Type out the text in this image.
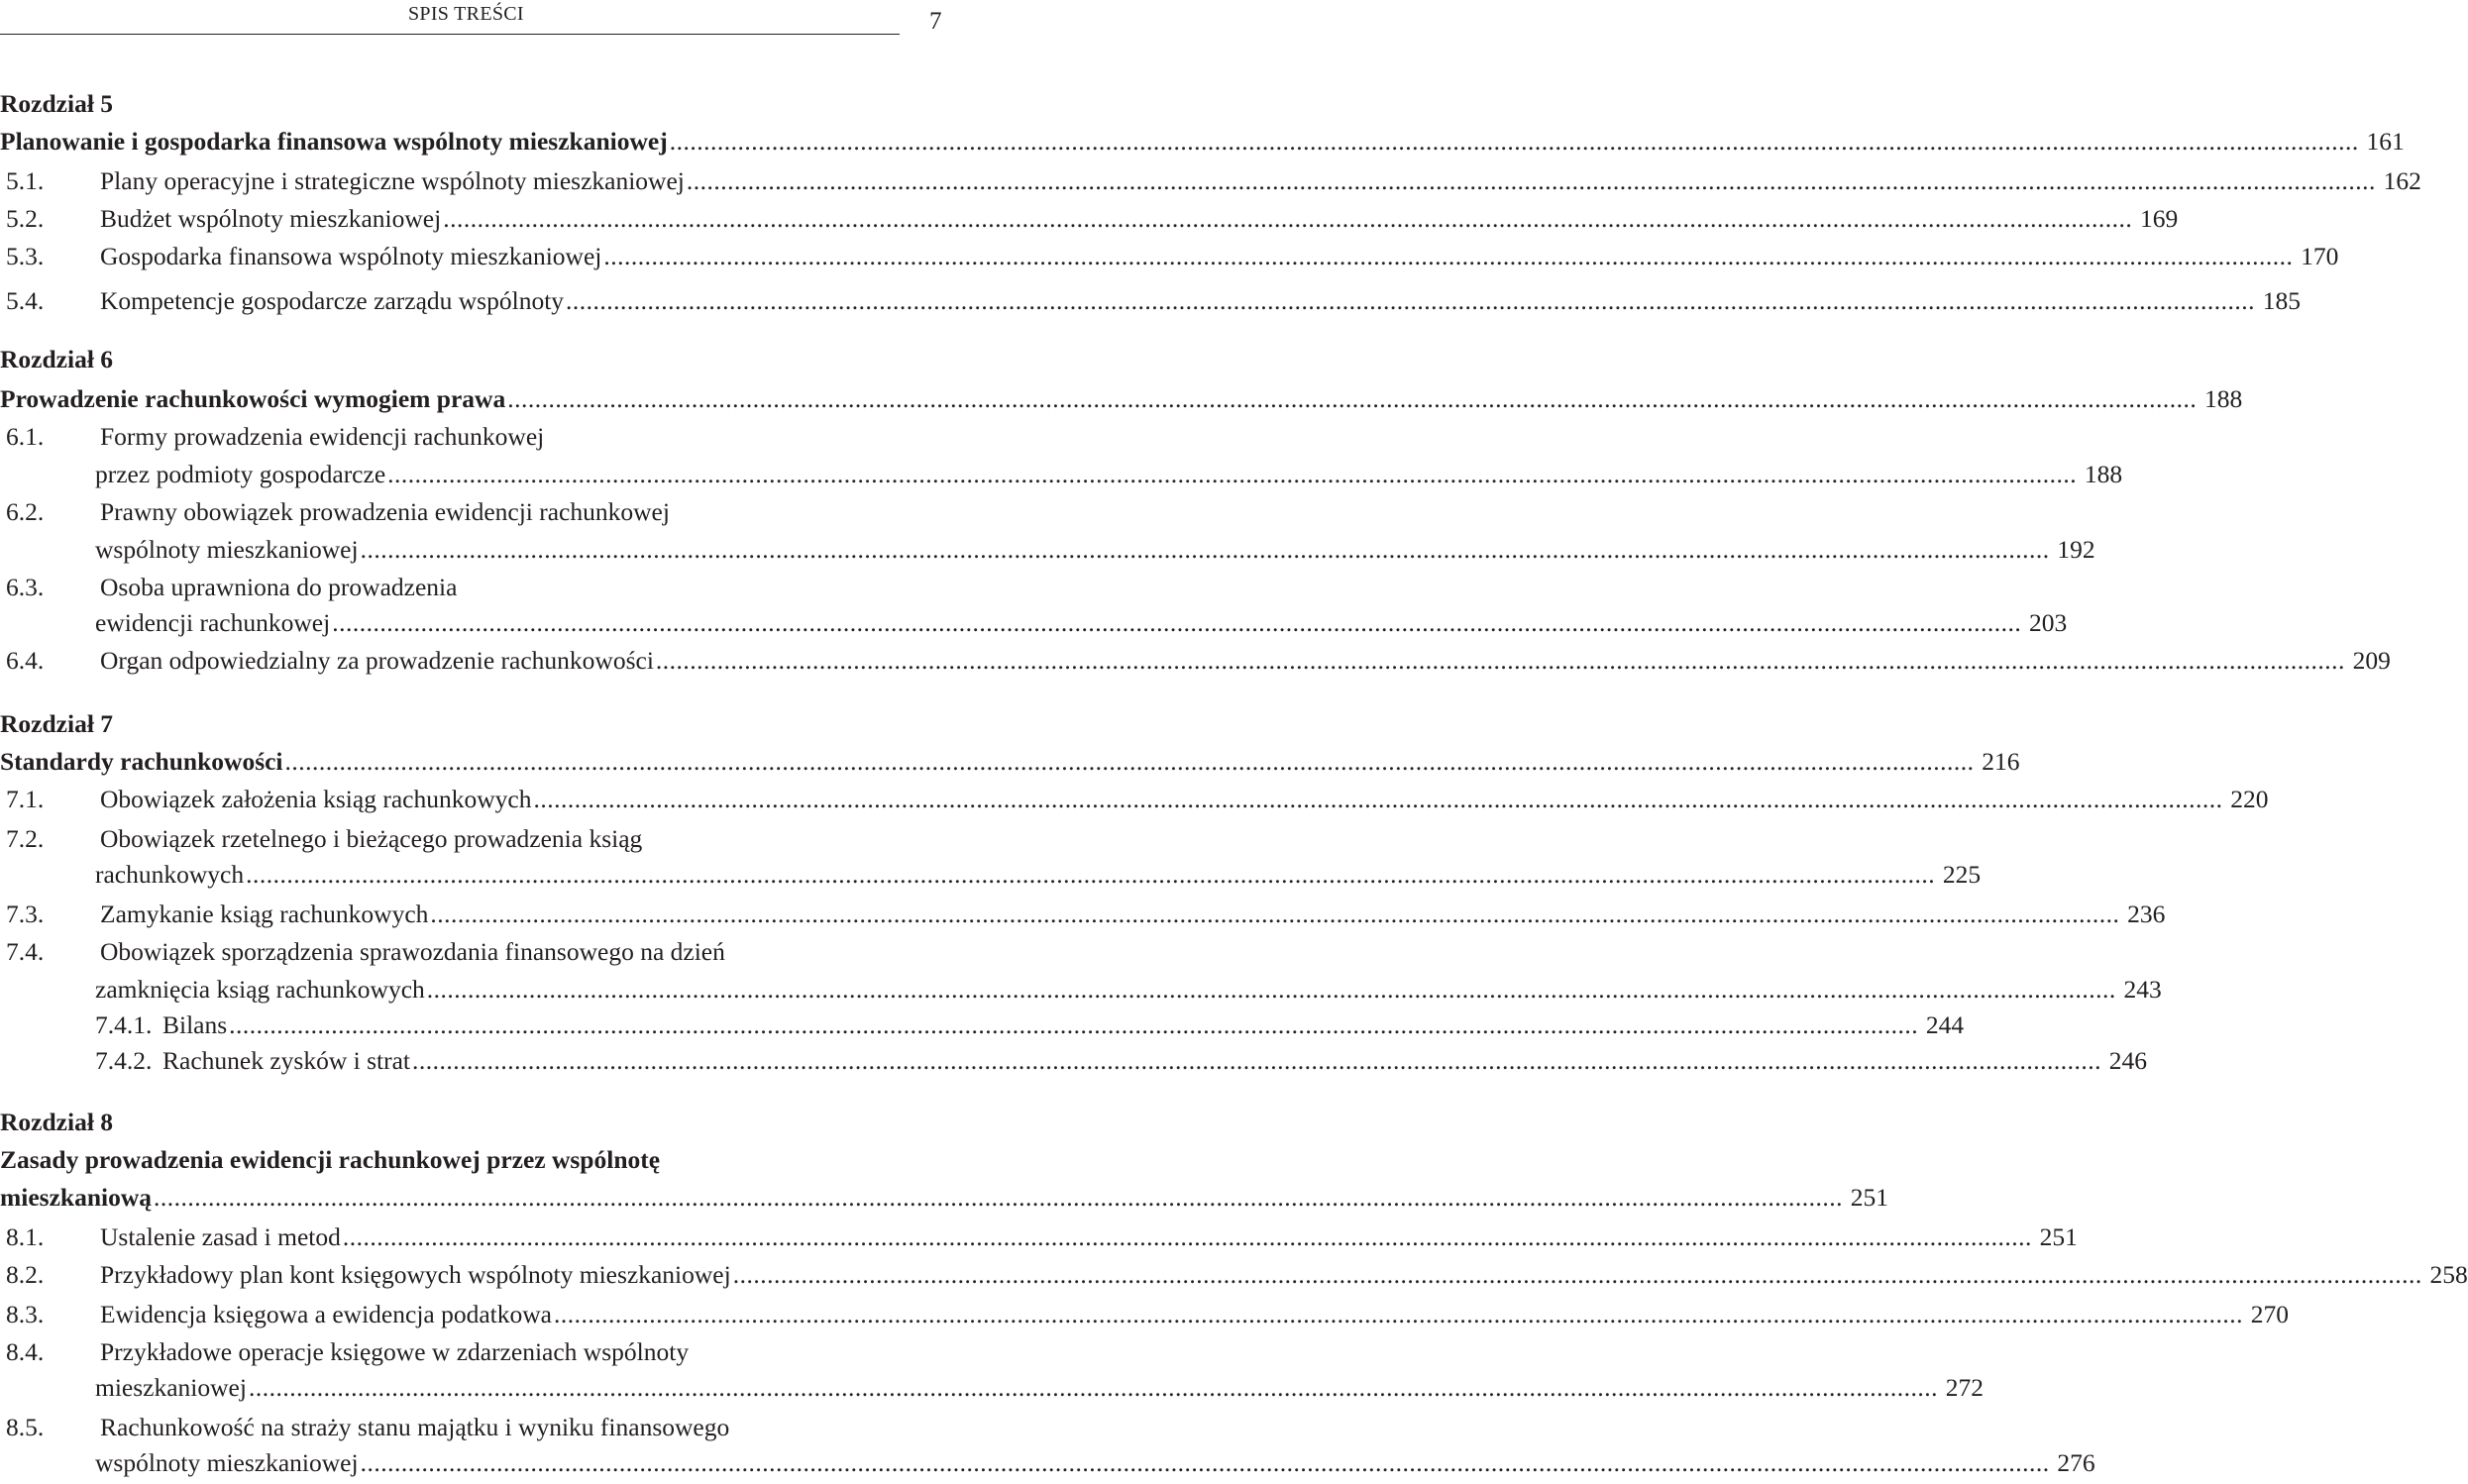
SPIS TREŚCI	7
Rozdział 5
Planowanie i gospodarka finansowa wspólnoty mieszkaniowej .....	161
5.1.	Plany operacyjne i strategiczne wspólnoty mieszkaniowej .....	162
5.2.	Budżet wspólnoty mieszkaniowej .....	169
5.3.	Gospodarka finansowa wspólnoty mieszkaniowej .....	170
5.4.	Kompetencje gospodarcze zarządu wspólnoty .....	185
Rozdział 6
Prowadzenie rachunkowości wymogiem prawa .....	188
6.1.	Formy prowadzenia ewidencji rachunkowej
przez podmioty gospodarcze .....	188
6.2.	Prawny obowiązek prowadzenia ewidencji rachunkowej
wspólnoty mieszkaniowej .....	192
6.3.	Osoba uprawniona do prowadzenia
ewidencji rachunkowej .....	203
6.4.	Organ odpowiedzialny za prowadzenie rachunkowości .....	209
Rozdział 7
Standardy rachunkowości .....	216
7.1.	Obowiązek założenia ksiąg rachunkowych .....	220
7.2.	Obowiązek rzetelnego i bieżącego prowadzenia ksiąg
rachunkowych .....	225
7.3.	Zamykanie ksiąg rachunkowych .....	236
7.4.	Obowiązek sporządzenia sprawozdania finansowego na dzień
zamknięcia ksiąg rachunkowych .....	243
7.4.1. Bilans .....	244
7.4.2. Rachunek zysków i strat .....	246
Rozdział 8
Zasady prowadzenia ewidencji rachunkowej przez wspólnotę
mieszkaniową .....	251
8.1.	Ustalenie zasad i metod .....	251
8.2.	Przykładowy plan kont księgowych wspólnoty mieszkaniowej .....	258
8.3.	Ewidencja księgowa a ewidencja podatkowa .....	270
8.4.	Przykładowe operacje księgowe w zdarzeniach wspólnoty
mieszkaniowej .....	272
8.5.	Rachunkowość na straży stanu majątku i wyniku finansowego
wspólnoty mieszkaniowej .....	276
